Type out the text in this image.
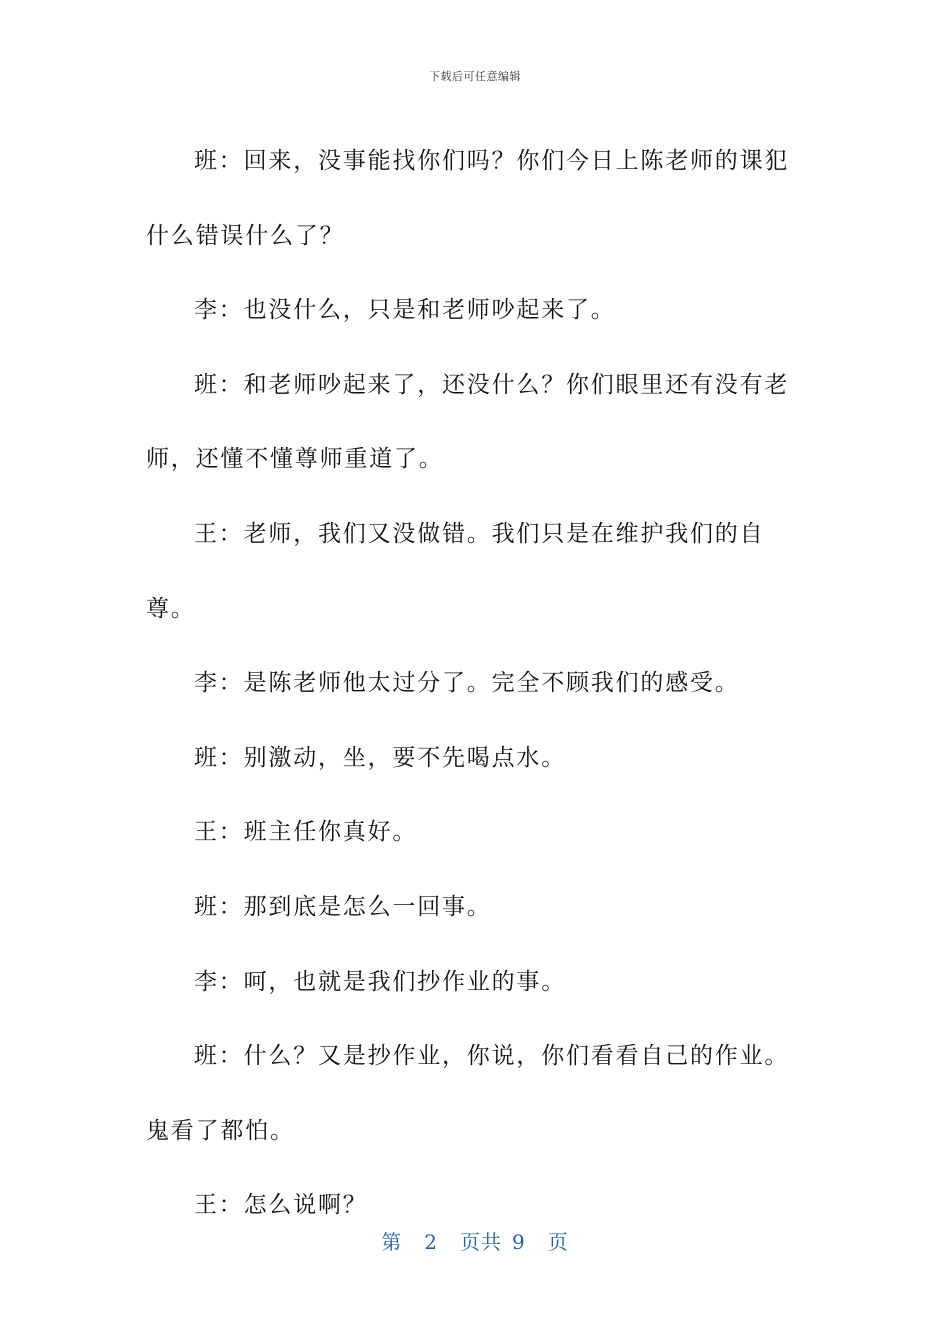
下载后可任意编辑

班：回来，没事能找你们吗？你们今日上陈老师的课犯什么错误什么了？

李：也没什么，只是和老师吵起来了。

班：和老师吵起来了，还没什么？你们眼里还有没有老师，还懂不懂尊师重道了。

王：老师，我们又没做错。我们只是在维护我们的自尊。

李：是陈老师他太过分了。完全不顾我们的感受。

班：别激动，坐，要不先喝点水。

王：班主任你真好。

班：那到底是怎么一回事。

李：呵，也就是我们抄作业的事。

班：什么？又是抄作业，你说，你们看看自己的作业。鬼看了都怕。

王：怎么说啊？

第 2 页共 9 页
